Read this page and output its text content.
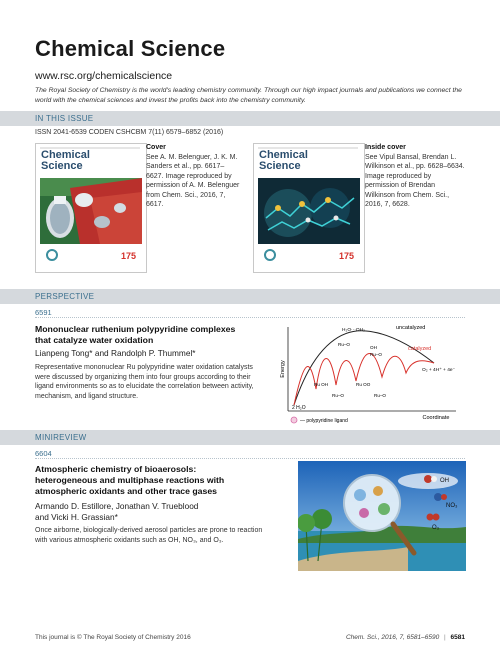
Chemical Science
www.rsc.org/chemicalscience
The Royal Society of Chemistry is the world's leading chemistry community. Through our high impact journals and publications we connect the world with the chemical sciences and invest the profits back into the chemistry community.
IN THIS ISSUE
ISSN 2041-6539 CODEN CSHCBM 7(11) 6579–6852 (2016)
Chemical
Science
175
Cover
See A. M. Belenguer, J. K. M. Sanders et al., pp. 6617–6627. Image reproduced by permission of A. M. Belenguer from Chem. Sci., 2016, 7, 6617.
Chemical
Science
175
Inside cover
See Vipul Bansal, Brendan L. Wilkinson et al., pp. 6628–6634. Image reproduced by permission of Brendan Wilkinson from Chem. Sci., 2016, 7, 6628.
PERSPECTIVE
6591
Mononuclear ruthenium polypyridine complexes
that catalyze water oxidation
Lianpeng Tong* and Randolph P. Thummel*
Representative mononuclear Ru polypyridine water oxidation catalysts were discussed by organizing them into four groups according to their ligand environments so as to elucidate the correlation between activity, mechanism, and ligand structure.
Energy
Coordinate
uncatalyzed
catalyzed
H₂O···OH₂
2 H₂O
O₂ + 4H⁺ + 4e⁻
Ru–O
OH
Ru–O
Ru OH	Ru OO
Ru–O	Ru–O
— polypyridine ligand
MINIREVIEW
6604
Atmospheric chemistry of bioaerosols:
heterogeneous and multiphase reactions with
atmospheric oxidants and other trace gases
Armando D. Estillore, Jonathan V. Trueblood
and Vicki H. Grassian*
Once airborne, biologically-derived aerosol particles are prone to reaction with various atmospheric oxidants such as OH, NO₃, and O₃.
OH
NO₃
O₃
This journal is © The Royal Society of Chemistry 2016	Chem. Sci., 2016, 7, 6581–6590 | 6581
